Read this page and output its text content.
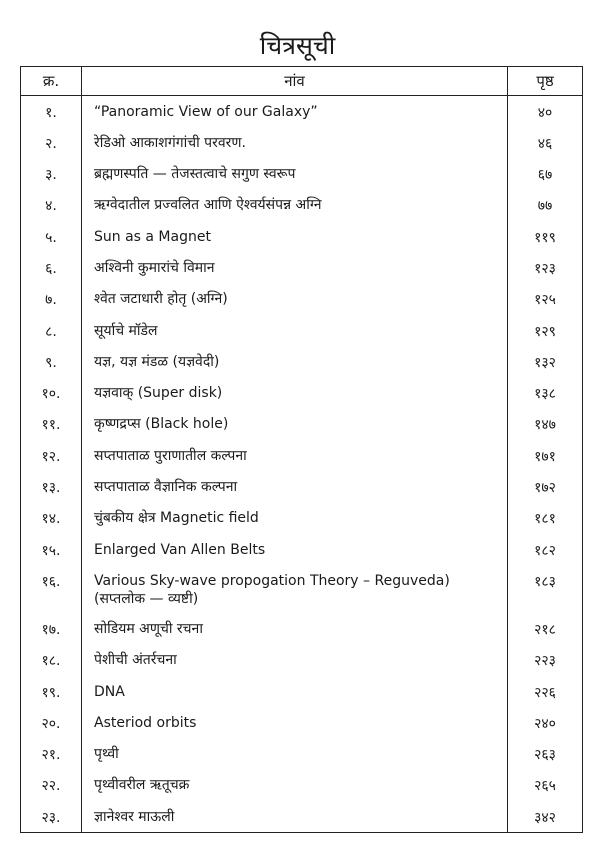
चित्रसूची
क्र.	नांव	पृष्ठ
१.	“Panoramic View of our Galaxy”	४०
२.	रेडिओ आकाशगंगांची परवरण.	४६
३.	ब्रह्मणस्पति — तेजस्तत्वाचे सगुण स्वरूप	६७
४.	ऋग्वेदातील प्रज्वलित आणि ऐश्वर्यसंपन्न अग्नि	७७
५.	Sun as a Magnet	११९
६.	अश्विनी कुमारांचे विमान	१२३
७.	श्वेत जटाधारी होतृ (अग्नि)	१२५
८.	सूर्याचे मॉडेल	१२९
९.	यज्ञ, यज्ञ मंडळ (यज्ञवेदी)	१३२
१०.	यज्ञवाक् (Super disk)	१३८
११.	कृष्णद्रप्स (Black hole)	१४७
१२.	सप्तपाताळ पुराणातील कल्पना	१७१
१३.	सप्तपाताळ वैज्ञानिक कल्पना	१७२
१४.	चुंबकीय क्षेत्र Magnetic field	१८१
१५.	Enlarged Van Allen Belts	१८२
१६.	Various Sky-wave propogation Theory – Reguveda) (सप्तलोक — व्यष्टी)	१८३
१७.	सोडियम अणूची रचना	२१८
१८.	पेशीची अंतर्रचना	२२३
१९.	DNA	२२६
२०.	Asteriod orbits	२४०
२१.	पृथ्वी	२६३
२२.	पृथ्वीवरील ऋतूचक्र	२६५
२३.	ज्ञानेश्वर माऊली	३४२
